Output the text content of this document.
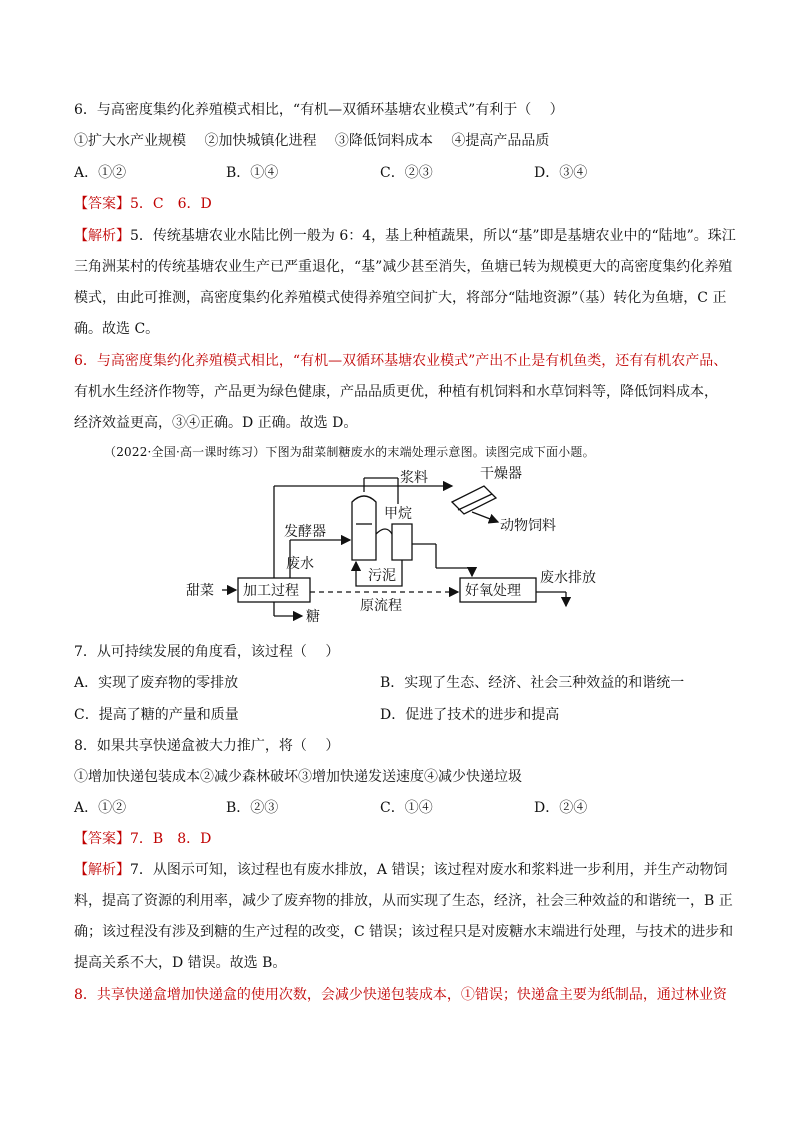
6．与高密度集约化养殖模式相比，“有机—双循环基塘农业模式”有利于（　 ）
①扩大水产业规模　 ②加快城镇化进程　 ③降低饲料成本　 ④提高产品品质
A．①②	B．①④	C．②③	D．③④
【答案】5．C　6．D
【解析】5．传统基塘农业水陆比例一般为 6：4，基上种植蔬果，所以“基”即是基塘农业中的“陆地”。珠江
三角洲某村的传统基塘农业生产已严重退化，“基”减少甚至消失，鱼塘已转为规模更大的高密度集约化养殖
模式，由此可推测，高密度集约化养殖模式使得养殖空间扩大，将部分“陆地资源”（基）转化为鱼塘，C 正
确。故选 C。
6．与高密度集约化养殖模式相比，“有机—双循环基塘农业模式”产出不止是有机鱼类，还有有机农产品、
有机水生经济作物等，产品更为绿色健康，产品品质更优，种植有机饲料和水草饲料等，降低饲料成本，
经济效益更高，③④正确。D 正确。故选 D。
（2022·全国·高一课时练习）下图为甜菜制糖废水的末端处理示意图。读图完成下面小题。
浆料	干燥器
甲烷
发酵器	动物饲料
废水
污泥
甜菜 加工过程
原流程
好氧处理
废水排放
糖
7．从可持续发展的角度看，该过程（　 ）
A．实现了废弃物的零排放	B．实现了生态、经济、社会三种效益的和谐统一
C．提高了糖的产量和质量	D．促进了技术的进步和提高
8．如果共享快递盒被大力推广，将（　 ）
①增加快递包装成本②减少森林破坏③增加快递发送速度④减少快递垃圾
A．①②	B．②③	C．①④	D．②④
【答案】7．B　8．D
【解析】7．从图示可知，该过程也有废水排放，A 错误；该过程对废水和浆料进一步利用，并生产动物饲
料，提高了资源的利用率，减少了废弃物的排放，从而实现了生态，经济，社会三种效益的和谐统一，B 正
确；该过程没有涉及到糖的生产过程的改变，C 错误；该过程只是对废糖水末端进行处理，与技术的进步和
提高关系不大，D 错误。故选 B。
8．共享快递盒增加快递盒的使用次数，会减少快递包装成本，①错误；快递盒主要为纸制品，通过林业资
